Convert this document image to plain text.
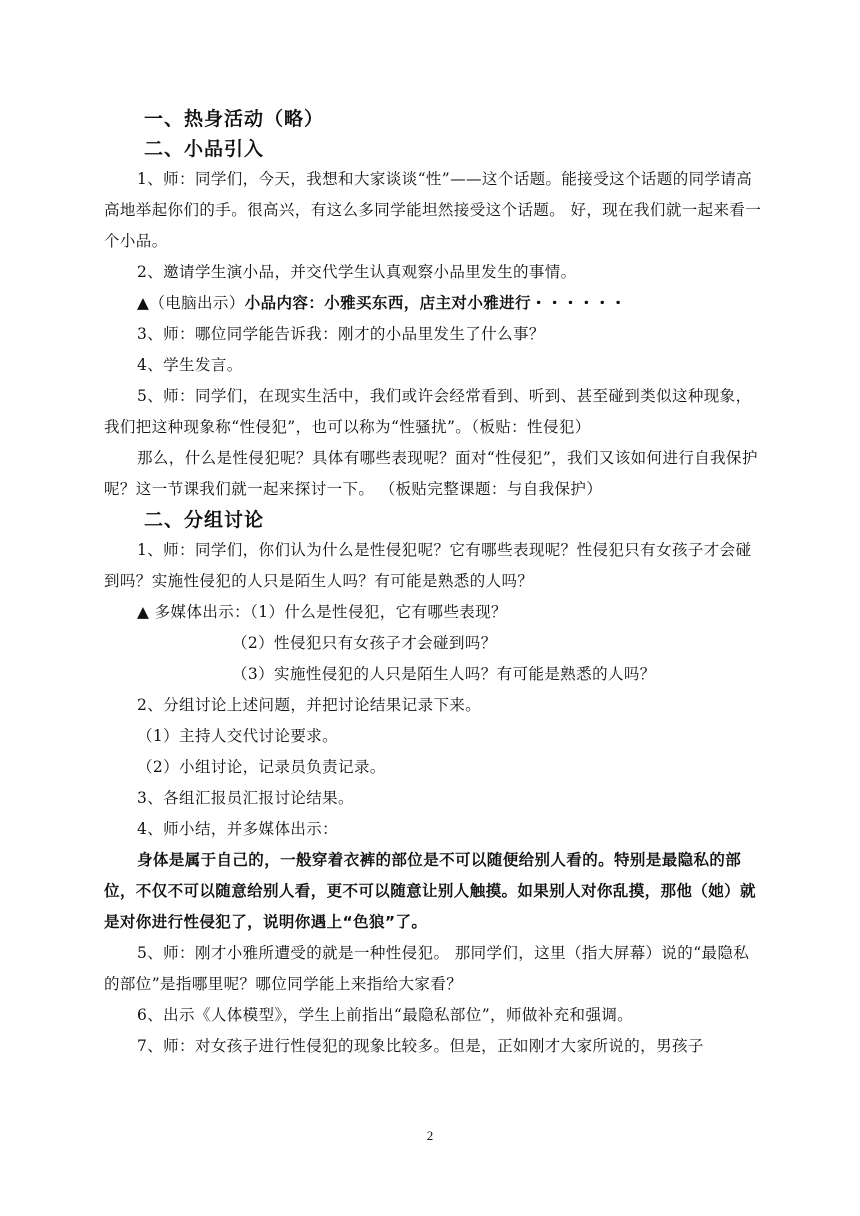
一、热身活动（略）
二、小品引入

1、师：同学们，今天，我想和大家谈谈“性”——这个话题。能接受这个话题的同学请高高地举起你们的手。很高兴，有这么多同学能坦然接受这个话题。 好，现在我们就一起来看一个小品。

2、邀请学生演小品，并交代学生认真观察小品里发生的事情。

▲（电脑出示）小品内容：小雅买东西，店主对小雅进行・・・・・・

3、师：哪位同学能告诉我：刚才的小品里发生了什么事？

4、学生发言。

5、师：同学们，在现实生活中，我们或许会经常看到、听到、甚至碰到类似这种现象，我们把这种现象称“性侵犯”，也可以称为“性骚扰”。（板贴：性侵犯）

那么，什么是性侵犯呢？具体有哪些表现呢？面对“性侵犯”，我们又该如何进行自我保护呢？这一节课我们就一起来探讨一下。 （板贴完整课题：与自我保护）

二、分组讨论

1、师：同学们，你们认为什么是性侵犯呢？它有哪些表现呢？性侵犯只有女孩子才会碰到吗？实施性侵犯的人只是陌生人吗？有可能是熟悉的人吗？

▲ 多媒体出示：（1）什么是性侵犯，它有哪些表现？

（2）性侵犯只有女孩子才会碰到吗？

（3）实施性侵犯的人只是陌生人吗？有可能是熟悉的人吗？

2、分组讨论上述问题，并把讨论结果记录下来。

（1）主持人交代讨论要求。

（2）小组讨论，记录员负责记录。

3、各组汇报员汇报讨论结果。

4、师小结，并多媒体出示：

身体是属于自己的，一般穿着衣裤的部位是不可以随便给别人看的。特别是最隐私的部位，不仅不可以随意给别人看，更不可以随意让别人触摸。如果别人对你乱摸，那他（她）就是对你进行性侵犯了，说明你遇上“色狼”了。

5、师：刚才小雅所遭受的就是一种性侵犯。 那同学们，这里（指大屏幕）说的“最隐私的部位”是指哪里呢？哪位同学能上来指给大家看？

6、出示《人体模型》，学生上前指出“最隐私部位”，师做补充和强调。

7、师：对女孩子进行性侵犯的现象比较多。但是，正如刚才大家所说的，男孩子

2
